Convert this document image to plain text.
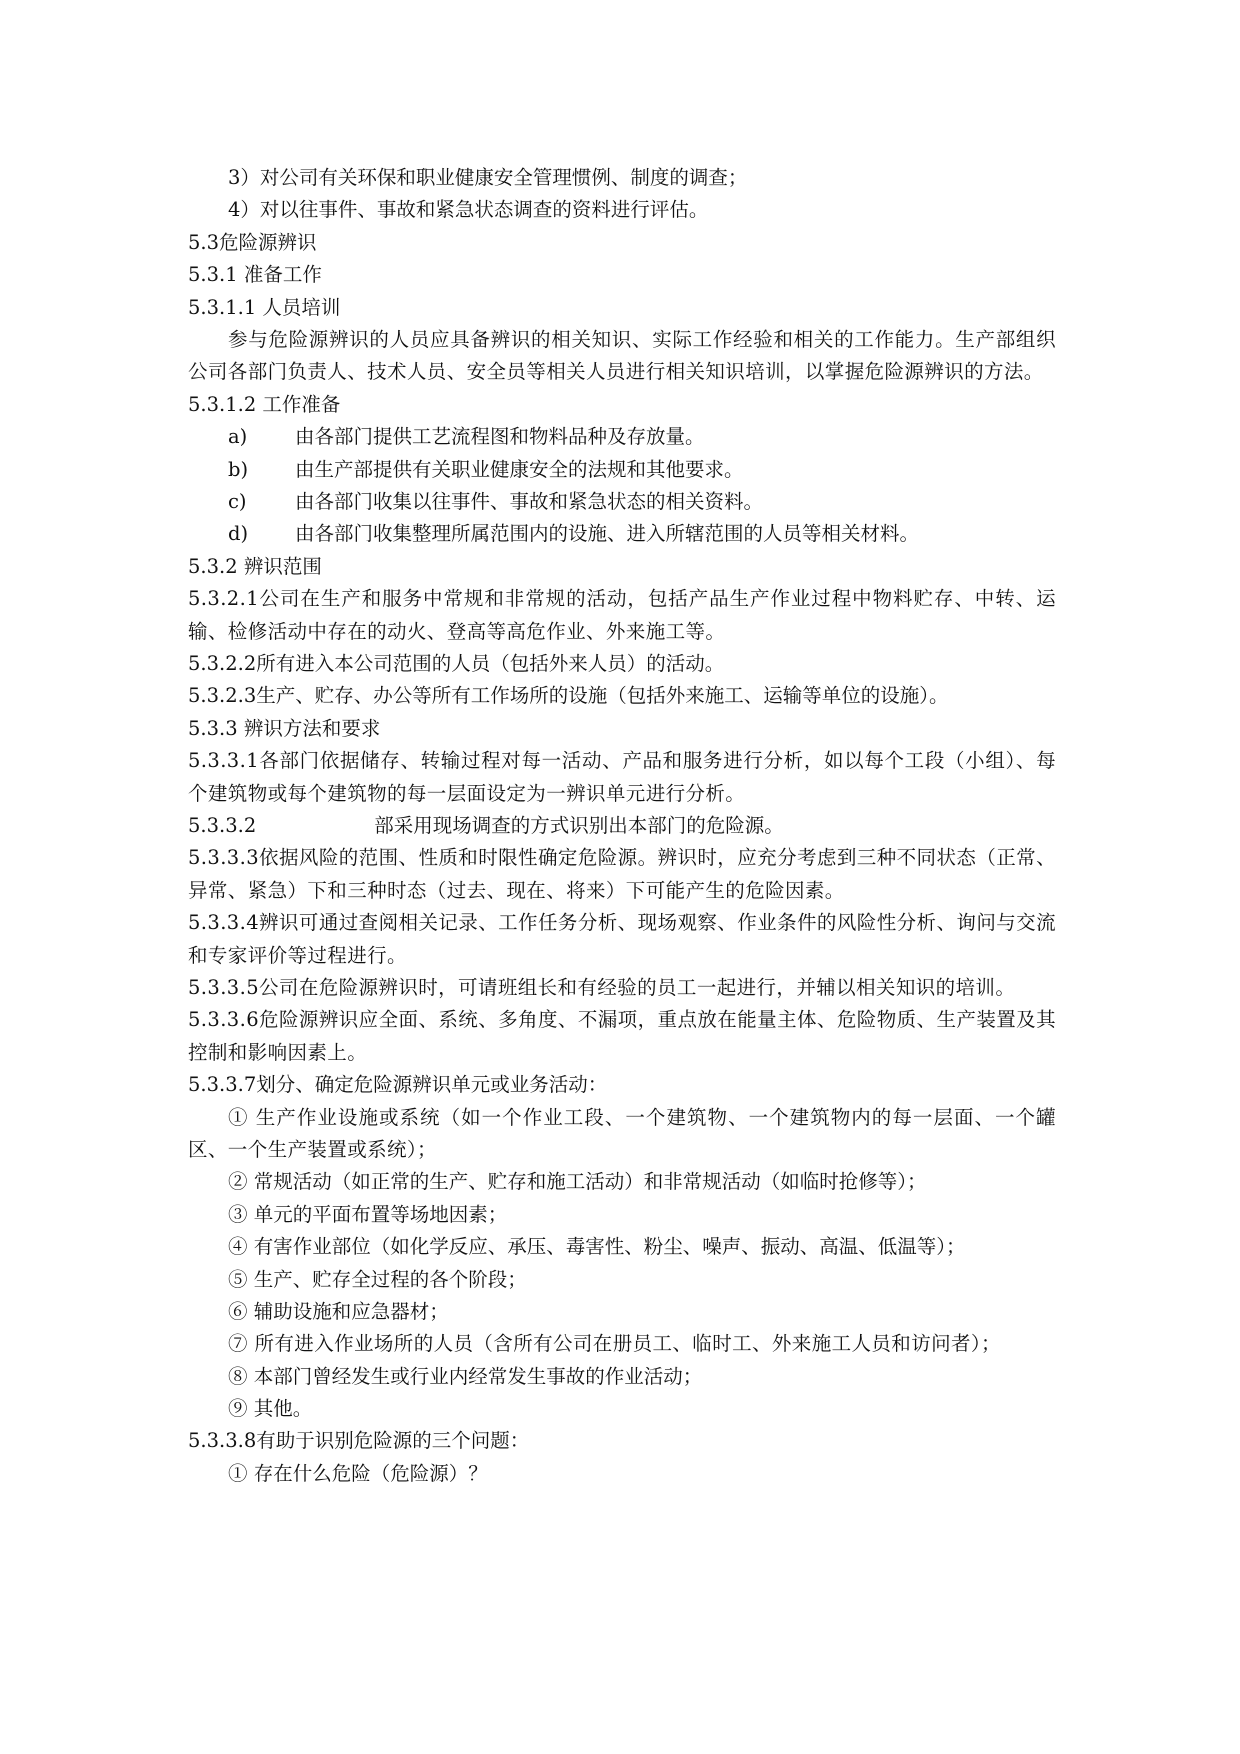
3）对公司有关环保和职业健康安全管理惯例、制度的调查；
4）对以往事件、事故和紧急状态调查的资料进行评估。
5.3危险源辨识
5.3.1 准备工作
5.3.1.1 人员培训
参与危险源辨识的人员应具备辨识的相关知识、实际工作经验和相关的工作能力。生产部组织公司各部门负责人、技术人员、安全员等相关人员进行相关知识培训，以掌握危险源辨识的方法。
5.3.1.2 工作准备
a) 由各部门提供工艺流程图和物料品种及存放量。
b) 由生产部提供有关职业健康安全的法规和其他要求。
c) 由各部门收集以往事件、事故和紧急状态的相关资料。
d) 由各部门收集整理所属范围内的设施、进入所辖范围的人员等相关材料。
5.3.2 辨识范围
5.3.2.1公司在生产和服务中常规和非常规的活动，包括产品生产作业过程中物料贮存、中转、运输、检修活动中存在的动火、登高等高危作业、外来施工等。
5.3.2.2所有进入本公司范围的人员（包括外来人员）的活动。
5.3.2.3生产、贮存、办公等所有工作场所的设施（包括外来施工、运输等单位的设施）。
5.3.3 辨识方法和要求
5.3.3.1各部门依据储存、转输过程对每一活动、产品和服务进行分析，如以每个工段（小组）、每个建筑物或每个建筑物的每一层面设定为一辨识单元进行分析。
5.3.3.2	部采用现场调查的方式识别出本部门的危险源。
5.3.3.3依据风险的范围、性质和时限性确定危险源。辨识时，应充分考虑到三种不同状态（正常、异常、紧急）下和三种时态（过去、现在、将来）下可能产生的危险因素。
5.3.3.4辨识可通过查阅相关记录、工作任务分析、现场观察、作业条件的风险性分析、询问与交流和专家评价等过程进行。
5.3.3.5公司在危险源辨识时，可请班组长和有经验的员工一起进行，并辅以相关知识的培训。
5.3.3.6危险源辨识应全面、系统、多角度、不漏项，重点放在能量主体、危险物质、生产装置及其控制和影响因素上。
5.3.3.7划分、确定危险源辨识单元或业务活动：
① 生产作业设施或系统（如一个作业工段、一个建筑物、一个建筑物内的每一层面、一个罐区、一个生产装置或系统）；
② 常规活动（如正常的生产、贮存和施工活动）和非常规活动（如临时抢修等）；
③ 单元的平面布置等场地因素；
④ 有害作业部位（如化学反应、承压、毒害性、粉尘、噪声、振动、高温、低温等）；
⑤ 生产、贮存全过程的各个阶段；
⑥ 辅助设施和应急器材；
⑦ 所有进入作业场所的人员（含所有公司在册员工、临时工、外来施工人员和访问者）；
⑧ 本部门曾经发生或行业内经常发生事故的作业活动；
⑨ 其他。
5.3.3.8有助于识别危险源的三个问题：
① 存在什么危险（危险源）？
